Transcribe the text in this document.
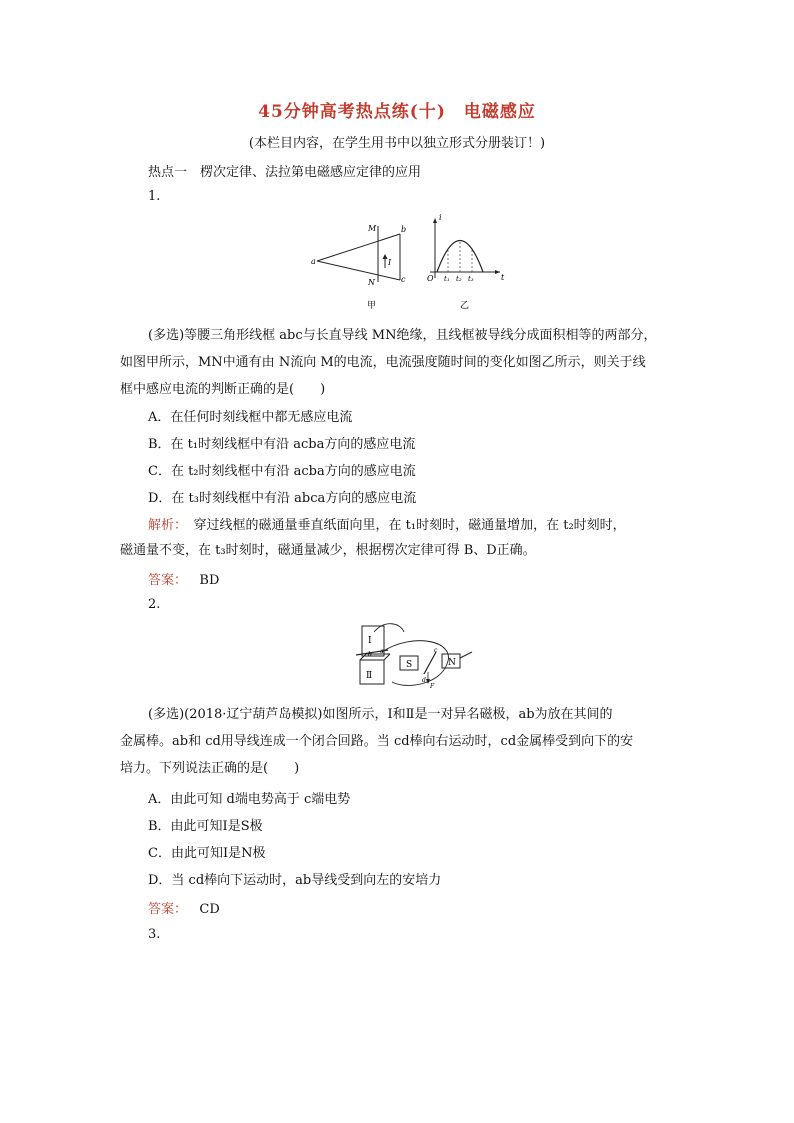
45分钟高考热点练(十)　电磁感应
(本栏目内容，在学生用书中以独立形式分册装订！)
热点一　楞次定律、法拉第电磁感应定律的应用
1.
M
N
I
a
b
c
甲
i
t
O t₁ t₂ t₃
乙
(多选)等腰三角形线框 abc与长直导线 MN绝缘，且线框被导线分成面积相等的两部分，
如图甲所示，MN中通有由 N流向 M的电流，电流强度随时间的变化如图乙所示，则关于线
框中感应电流的判断正确的是(　　)
A．在任何时刻线框中都无感应电流
B．在 t₁时刻线框中有沿 acba方向的感应电流
C．在 t₂时刻线框中有沿 acba方向的感应电流
D．在 t₃时刻线框中有沿 abca方向的感应电流
解析：　穿过线框的磁通量垂直纸面向里，在 t₁时刻时，磁通量增加，在 t₂时刻时，
磁通量不变，在 t₃时刻时，磁通量减少，根据楞次定律可得 B、D正确。
答案： BD
2.
Ⅰ
Ⅱ
b a
S	N
d
F
c
(多选)(2018·辽宁葫芦岛模拟)如图所示，Ⅰ和Ⅱ是一对异名磁极，ab为放在其间的
金属棒。ab和 cd用导线连成一个闭合回路。当 cd棒向右运动时，cd金属棒受到向下的安
培力。下列说法正确的是(　　)
A．由此可知 d端电势高于 c端电势
B．由此可知Ⅰ是S极
C．由此可知Ⅰ是N极
D．当 cd棒向下运动时，ab导线受到向左的安培力
答案： CD
3.
